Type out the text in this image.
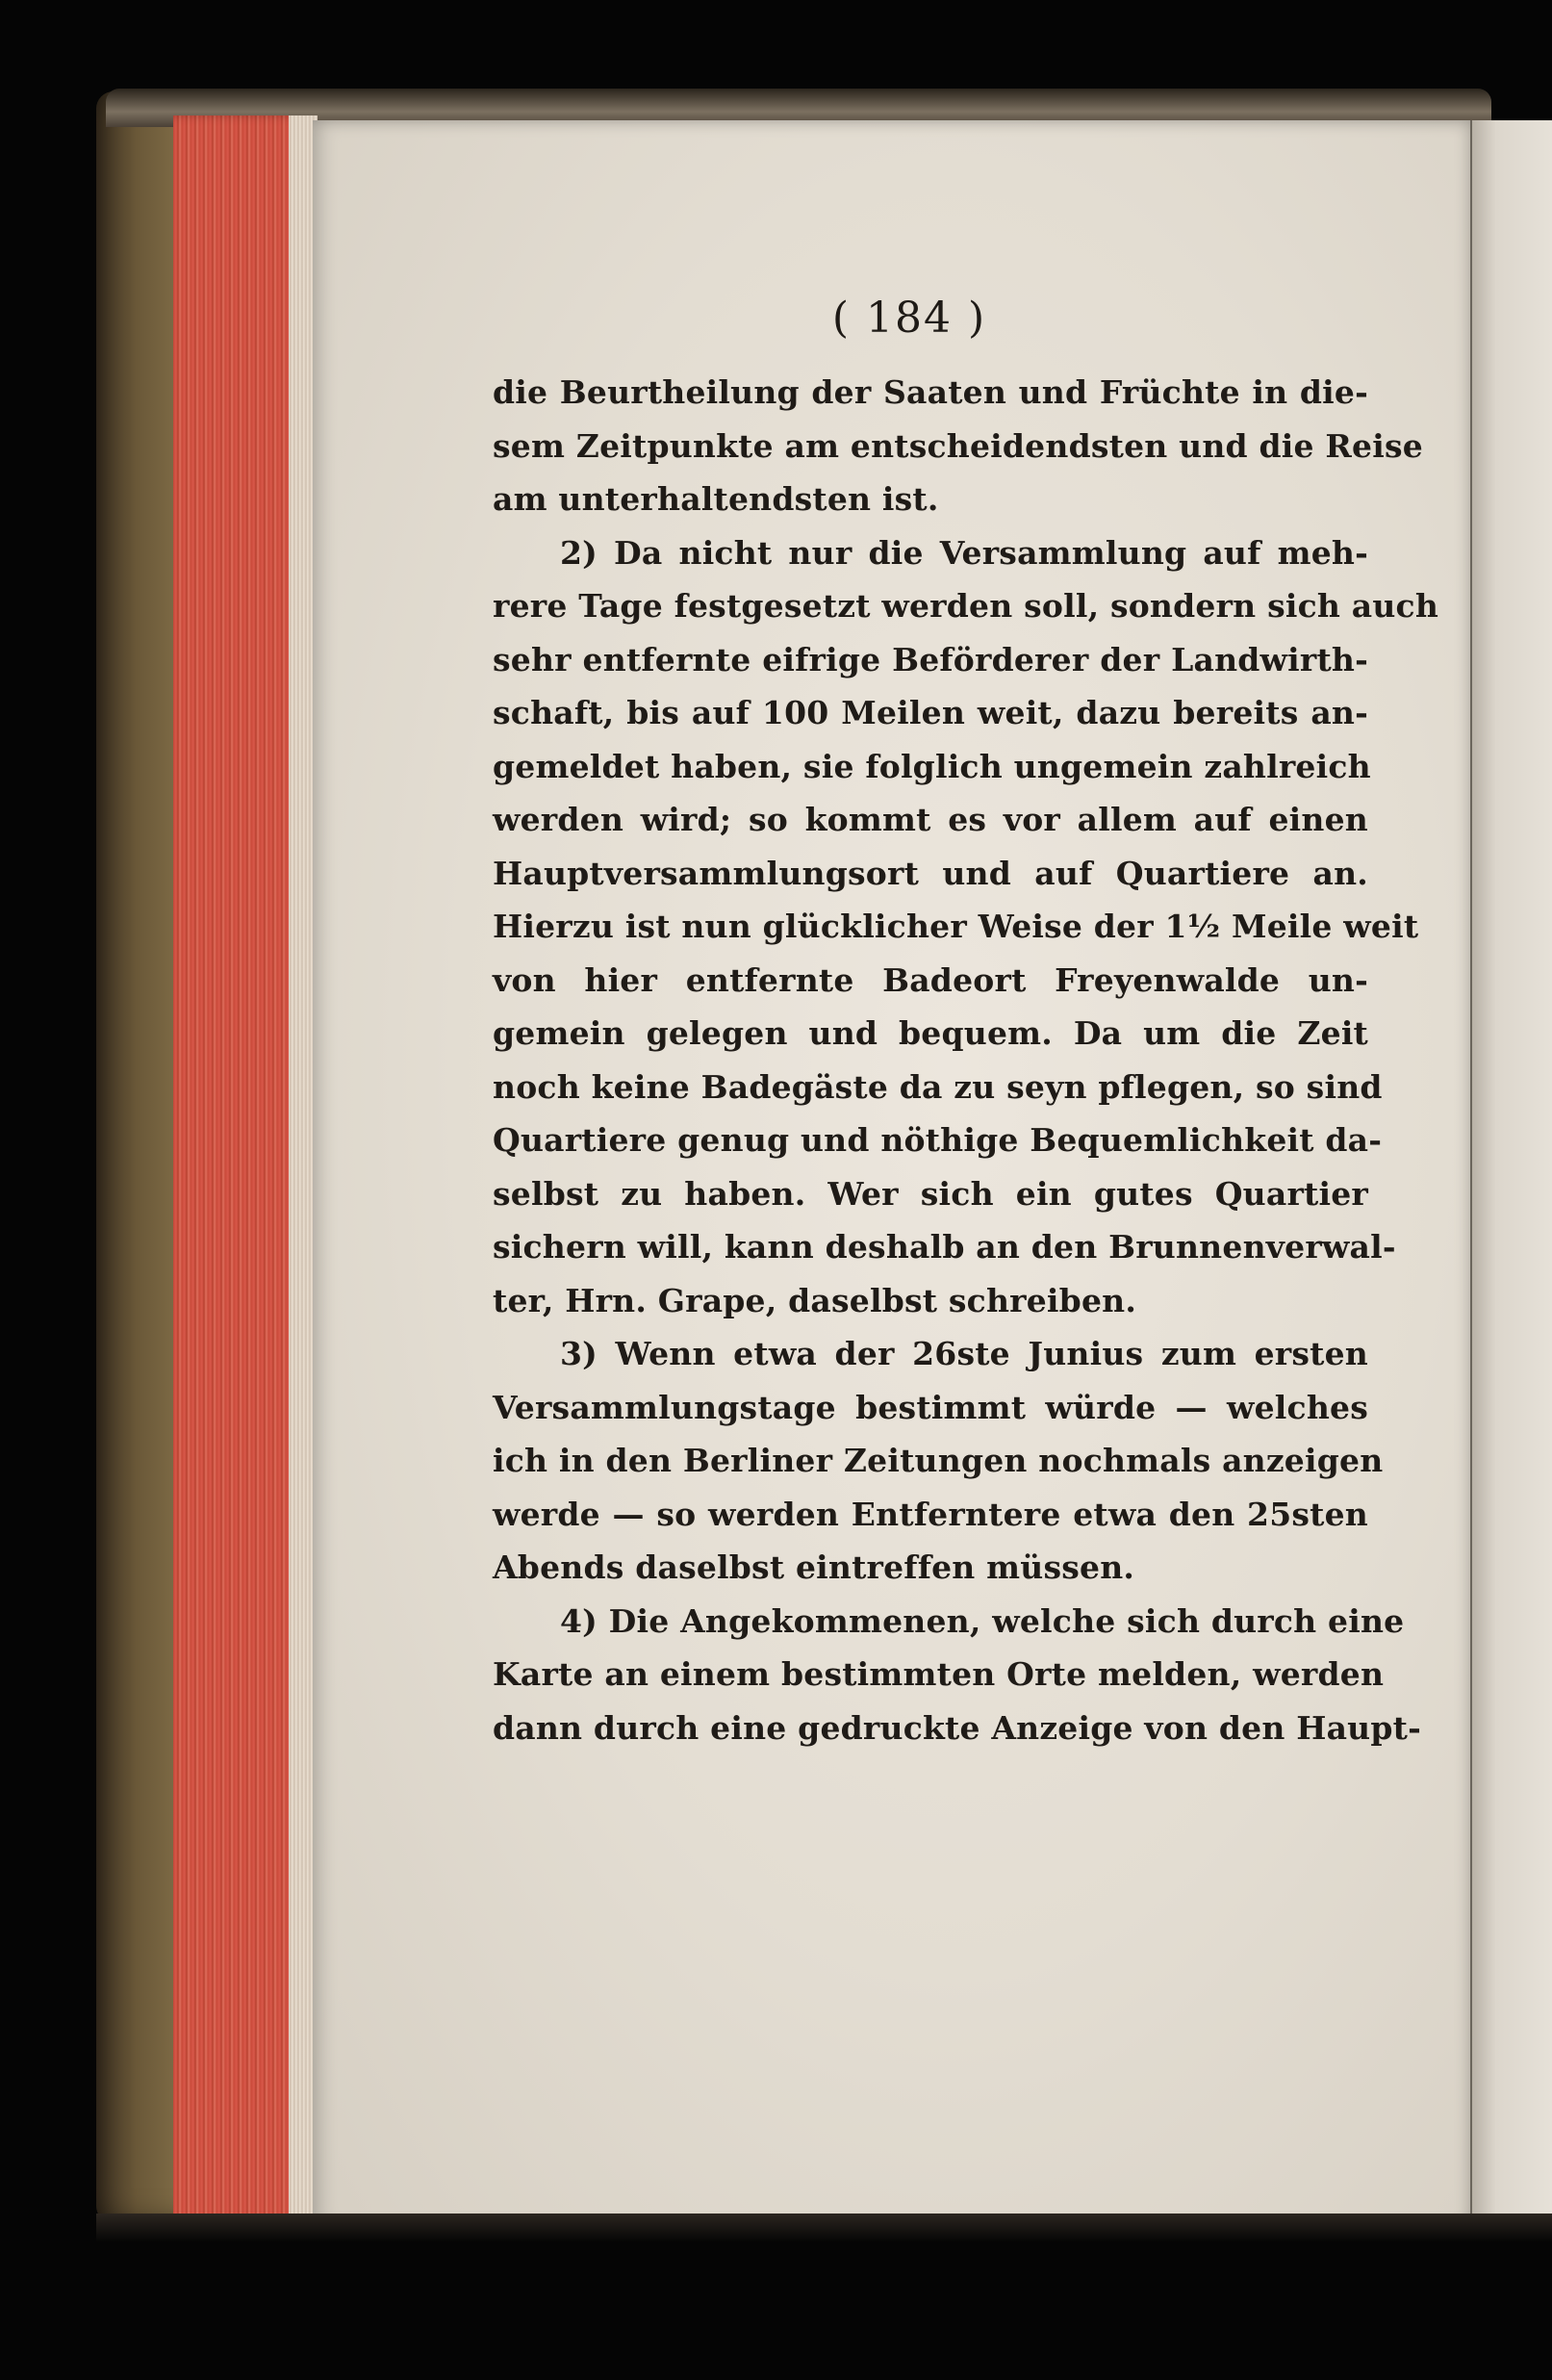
( 184 )
die Beurtheilung der Saaten und Früchte in die-
sem Zeitpunkte am entscheidendsten und die Reise
am unterhaltendsten ist.
2) Da nicht nur die Versammlung auf meh-
rere Tage festgesetzt werden soll, sondern sich auch
sehr entfernte eifrige Beförderer der Landwirth-
schaft, bis auf 100 Meilen weit, dazu bereits an-
gemeldet haben, sie folglich ungemein zahlreich
werden wird; so kommt es vor allem auf einen
Hauptversammlungsort und auf Quartiere an.
Hierzu ist nun glücklicher Weise der 1½ Meile weit
von hier entfernte Badeort Freyenwalde un-
gemein gelegen und bequem. Da um die Zeit
noch keine Badegäste da zu seyn pflegen, so sind
Quartiere genug und nöthige Bequemlichkeit da-
selbst zu haben. Wer sich ein gutes Quartier
sichern will, kann deshalb an den Brunnenverwal-
ter, Hrn. Grape, daselbst schreiben.
3) Wenn etwa der 26ste Junius zum ersten
Versammlungstage bestimmt würde — welches
ich in den Berliner Zeitungen nochmals anzeigen
werde — so werden Entferntere etwa den 25sten
Abends daselbst eintreffen müssen.
4) Die Angekommenen, welche sich durch eine
Karte an einem bestimmten Orte melden, werden
dann durch eine gedruckte Anzeige von den Haupt-
